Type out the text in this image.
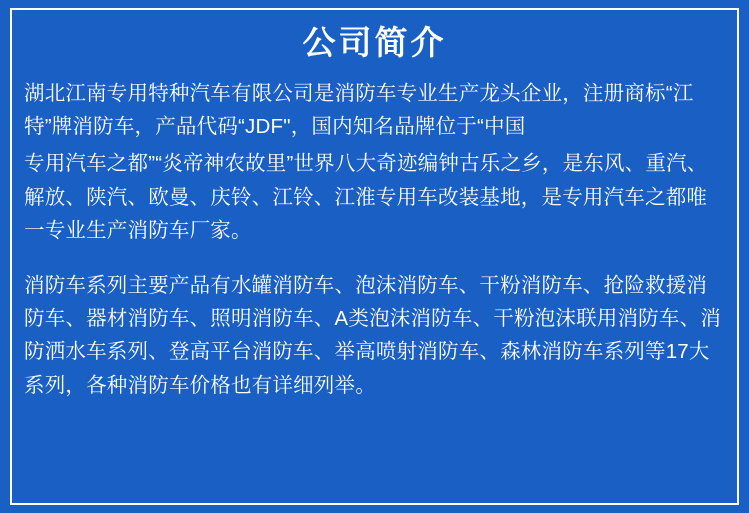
公司简介

湖北江南专用特种汽车有限公司是消防车专业生产龙头企业，注册商标“江特”牌消防车，产品代码“JDF"，国内知名品牌位于“中国

专用汽车之都”“炎帝神农故里”世界八大奇迹编钟古乐之乡，是东风、重汽、解放、陕汽、欧曼、庆铃、江铃、江淮专用车改装基地，是专用汽车之都唯一专业生产消防车厂家。

消防车系列主要产品有水罐消防车、泡沫消防车、干粉消防车、抢险救援消防车、器材消防车、照明消防车、A类泡沫消防车、干粉泡沫联用消防车、消防洒水车系列、登高平台消防车、举高喷射消防车、森林消防车系列等17大系列，各种消防车价格也有详细列举。
